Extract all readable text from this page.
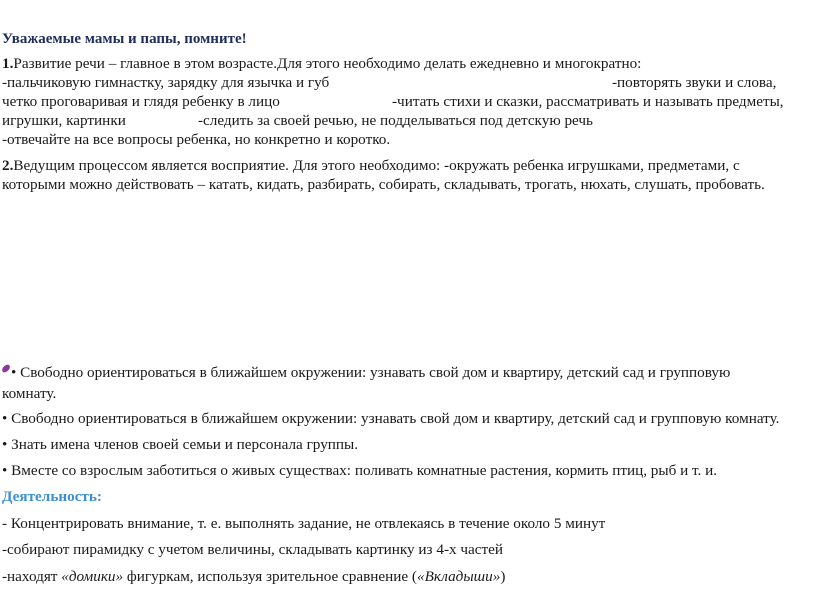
Уважаемые мамы и папы, помните!
1.Развитие речи – главное в этом возрасте.Для этого необходимо делать ежедневно и многократно:
-пальчиковую гимнастку, зарядку для язычка и губ	-повторять звуки и слова,
четко проговаривая и глядя ребенку в лицо	-читать стихи и сказки, рассматривать и называть предметы,
игрушки, картинки	-следить за своей речью, не подделываться под детскую речь
-отвечайте на все вопросы ребенка, но конкретно и коротко.
2.Ведущим процессом является восприятие. Для этого необходимо: -окружать ребенка игрушками, предметами, с
которыми можно действовать – катать, кидать, разбирать, собирать, складывать, трогать, нюхать, слушать, пробовать.
• Свободно ориентироваться в ближайшем окружении: узнавать свой дом и квартиру, детский сад и групповую
комнату.
• Свободно ориентироваться в ближайшем окружении: узнавать свой дом и квартиру, детский сад и групповую комнату.
• Знать имена членов своей семьи и персонала группы.
• Вместе со взрослым заботиться о живых существах: поливать комнатные растения, кормить птиц, рыб и т. и.
Деятельность:
- Концентрировать внимание, т. е. выполнять задание, не отвлекаясь в течение около 5 минут
-собирают пирамидку с учетом величины, складывать картинку из 4-х частей
-находят «домики» фигуркам, используя зрительное сравнение («Вкладыши»)
